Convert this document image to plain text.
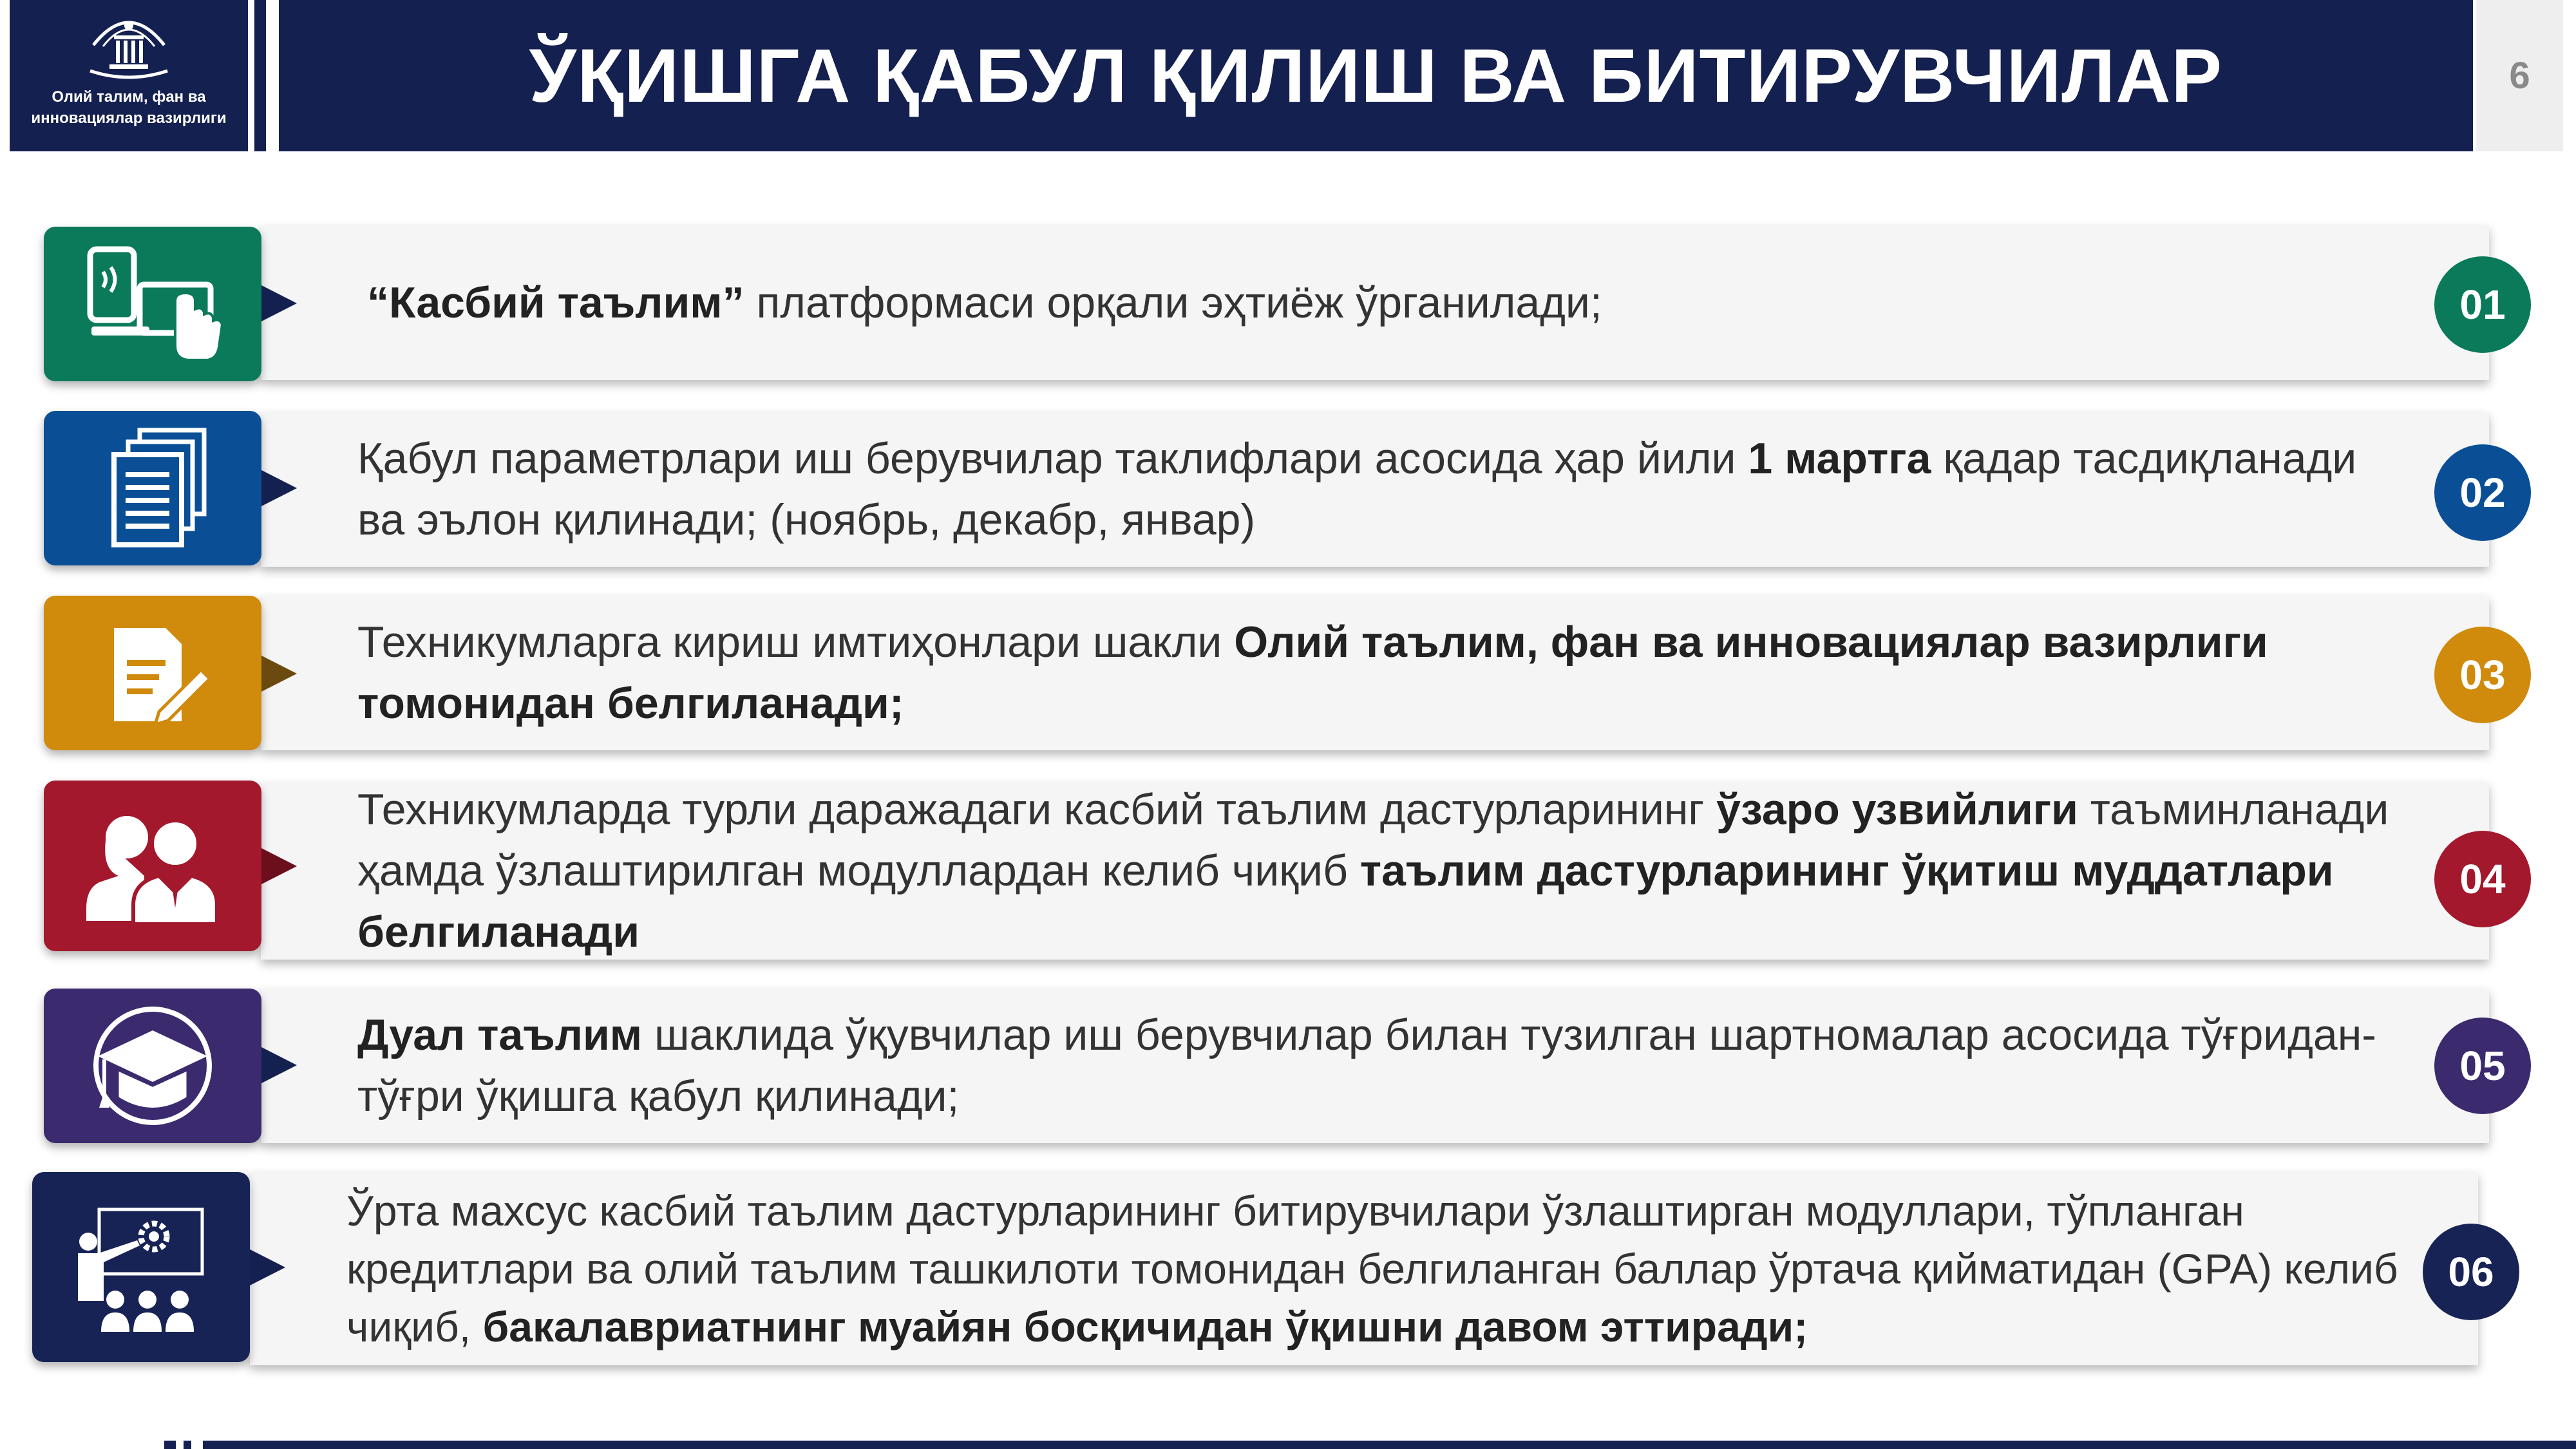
Олий талим, фан ва
инновациялар вазирлиги	ЎҚИШГА ҚАБУЛ ҚИЛИШ ВА БИТИРУВЧИЛАР	6
“Касбий таълим” платформаси орқали эҳтиёж ўрганилади;	01
Қабул параметрлари иш берувчилар таклифлари асосида ҳар йили 1 мартга қадар тасдиқланади ва эълон қилинади; (ноябрь, декабр, январ)
02
Техникумларга кириш имтиҳонлари шакли Олий таълим, фан ва инновациялар вазирлиги томонидан белгиланади;
03
Техникумларда турли даражадаги касбий таълим дастурларининг ўзаро узвийлиги таъминланади ҳамда ўзлаштирилган модуллардан келиб чиқиб таълим дастурларининг ўқитиш муддатлари белгиланади
04
Дуал таълим шаклида ўқувчилар иш берувчилар билан тузилган шартномалар асосида тўғридан-тўғри ўқишга қабул қилинади;
05
Ўрта махсус касбий таълим дастурларининг битирувчилари ўзлаштирган модуллари, тўпланган кредитлари ва олий таълим ташкилоти томонидан белгиланган баллар ўртача қийматидан (GPA) келиб чиқиб, бакалавриатнинг муайян босқичидан ўқишни давом эттиради;
06
